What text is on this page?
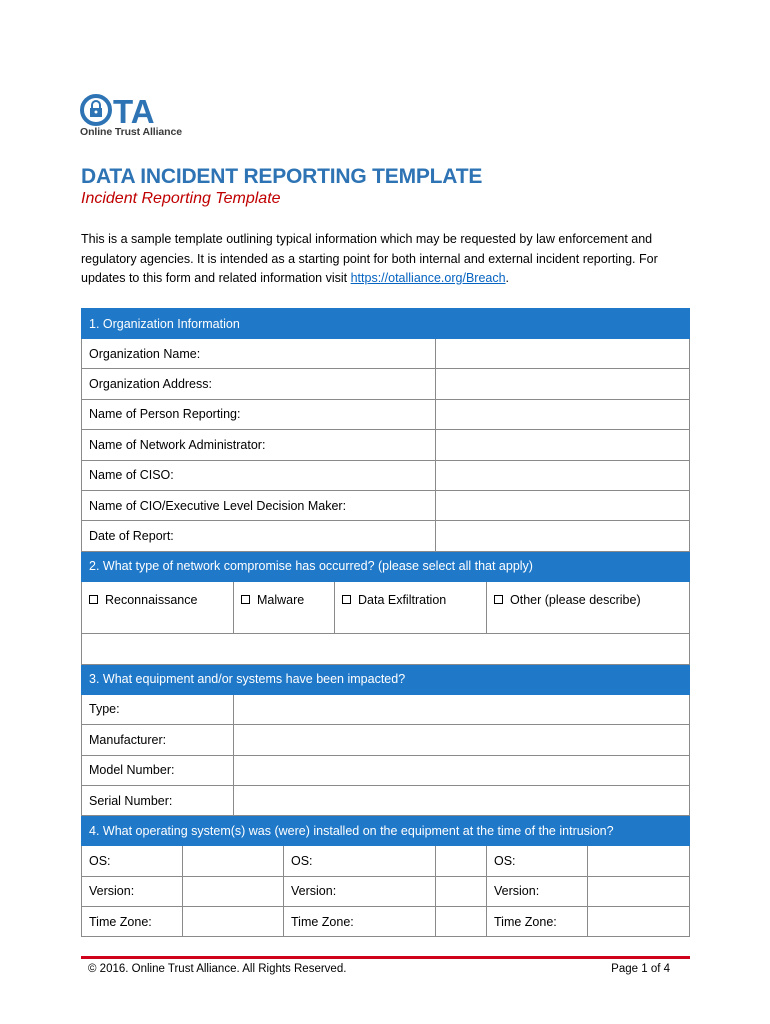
TA
Online Trust Alliance
DATA INCIDENT REPORTING TEMPLATE
Incident Reporting Template
This is a sample template outlining typical information which may be requested by law enforcement and regulatory agencies. It is intended as a starting point for both internal and external incident reporting. For updates to this form and related information visit https://otalliance.org/Breach.
1. Organization Information							
Organization Name:							
Organization Address:							
Name of Person Reporting:							
Name of Network Administrator:							
Name of CISO:							
Name of CIO/Executive Level Decision Maker:							
Date of Report:							
2. What type of network compromise has occurred? (please select all that apply)							
Reconnaissance		Malware		Data Exfiltration		Other (please describe)	

3. What equipment and/or systems have been impacted?							
Type:							
Manufacturer:							
Model Number:							
Serial Number:							
4. What operating system(s) was (were) installed on the equipment at the time of the intrusion?							
OS:			OS:			OS:	
Version:			Version:			Version:	
Time Zone:			Time Zone:			Time Zone:	
© 2016. Online Trust Alliance. All Rights Reserved.	Page 1 of 4
